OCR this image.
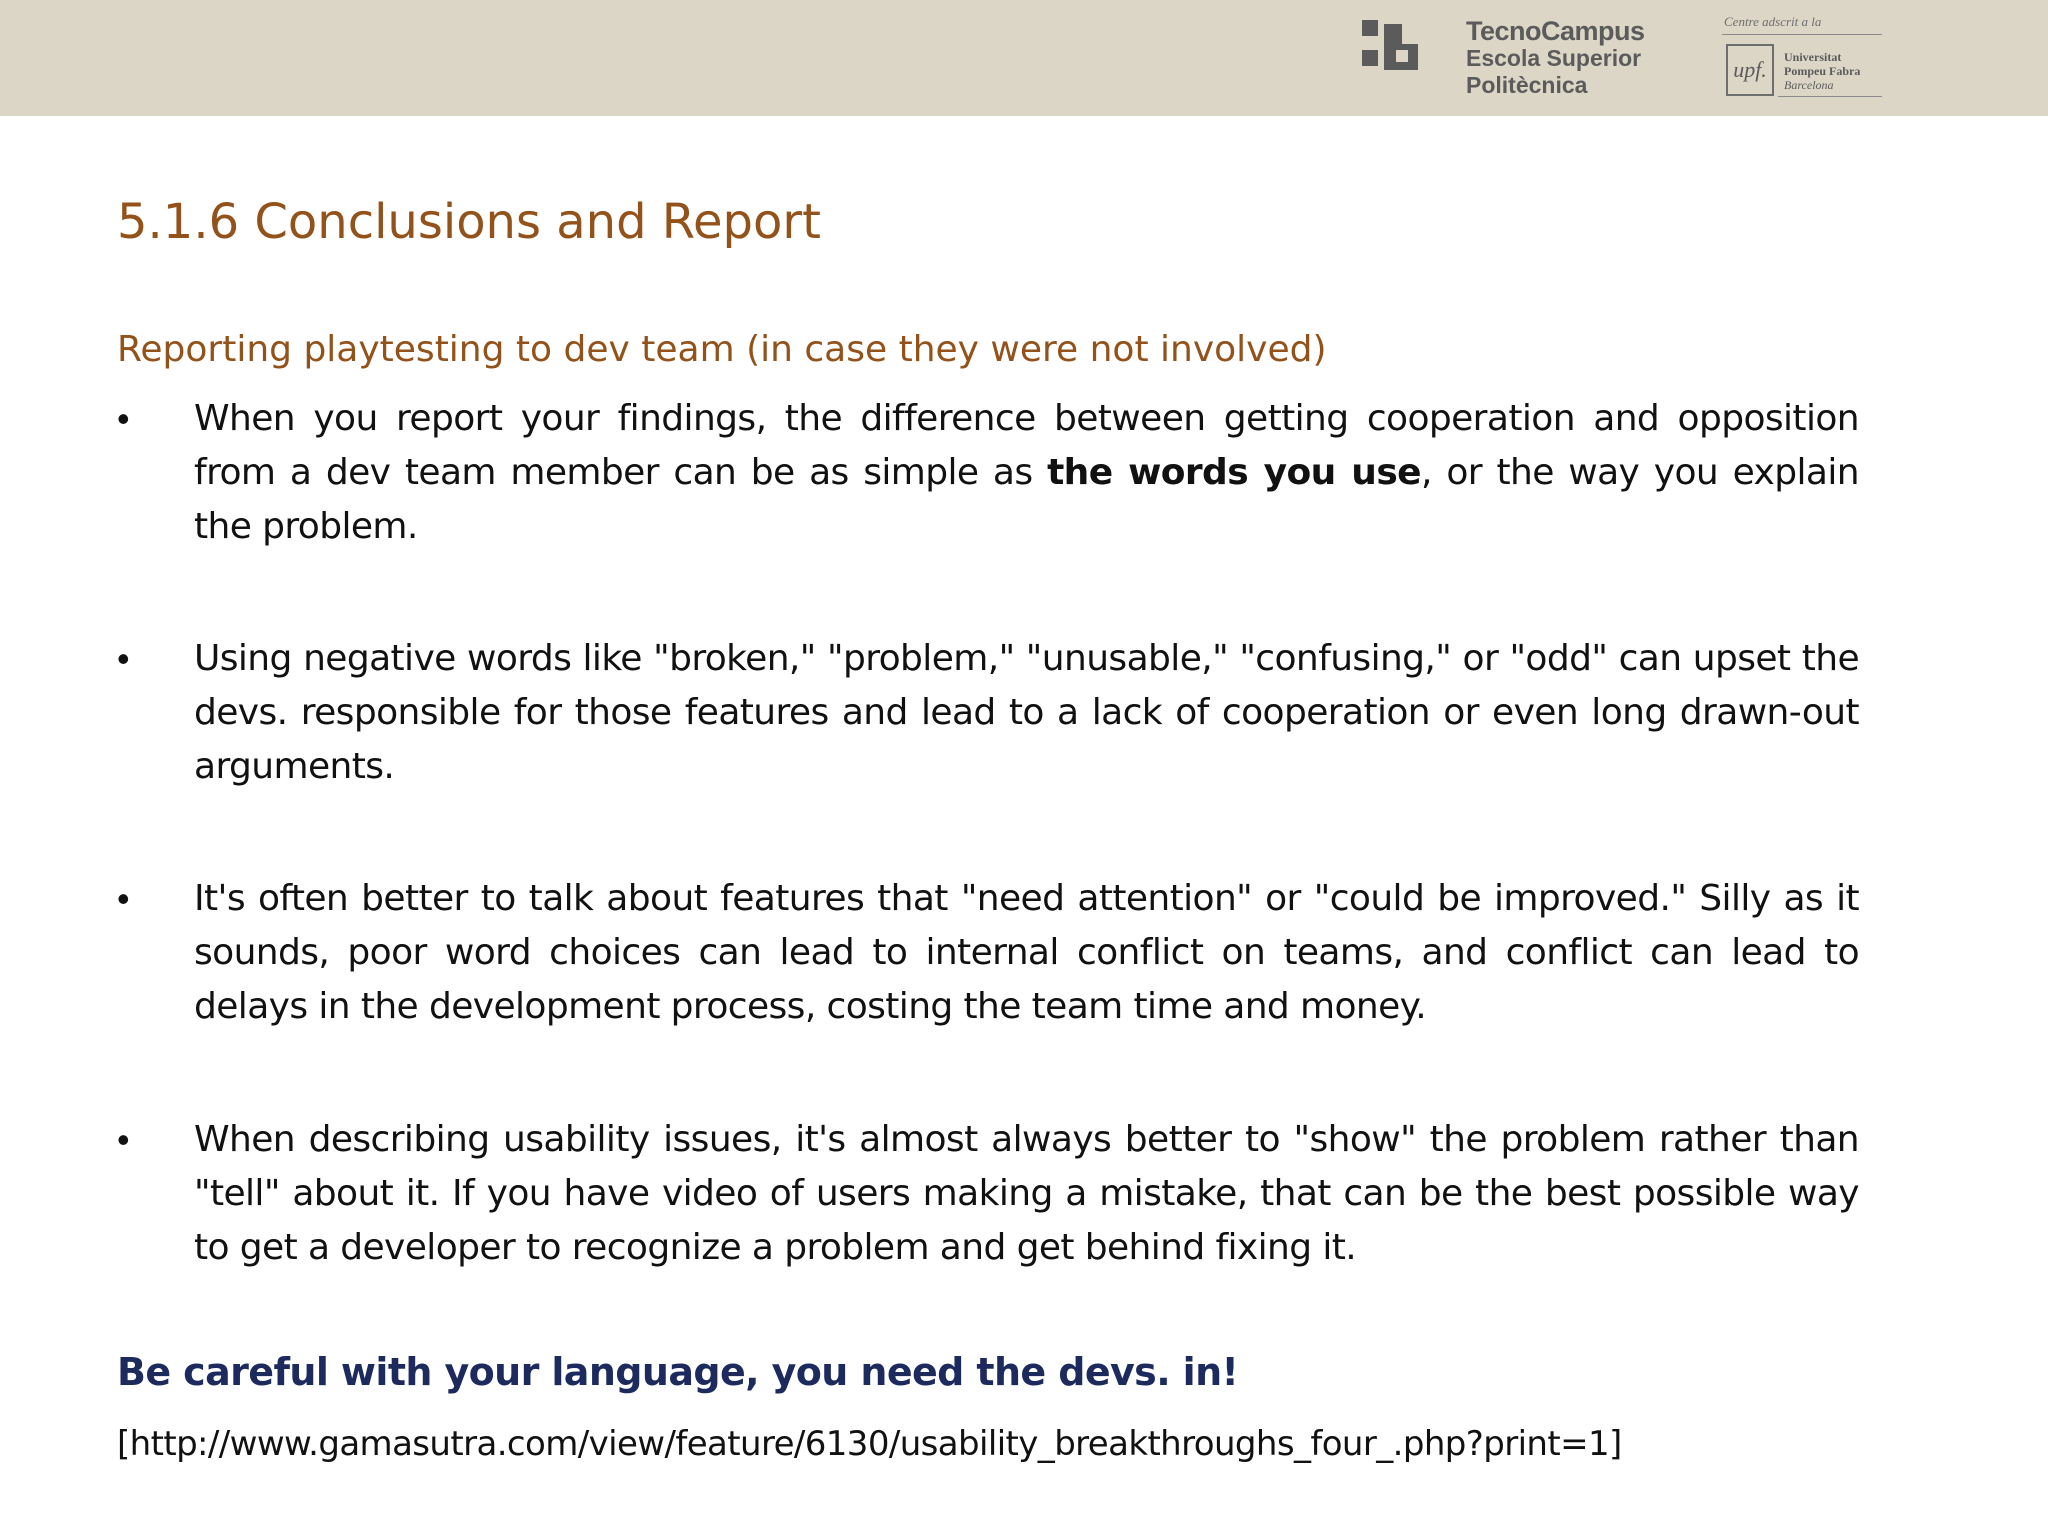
TecnoCampus
Escola Superior
Politècnica
Centre adscrit a la
upf. Universitat
Pompeu Fabra
Barcelona
5.1.6 Conclusions and Report
Reporting playtesting to dev team (in case they were not involved)
• When you report your findings, the difference between getting cooperation and opposition from a dev team member can be as simple as the words you use, or the way you explain the problem.

• Using negative words like "broken," "problem," "unusable," "confusing," or "odd" can upset the devs. responsible for those features and lead to a lack of cooperation or even long drawn-out arguments.

• It's often better to talk about features that "need attention" or "could be improved." Silly as it sounds, poor word choices can lead to internal conflict on teams, and conflict can lead to delays in the development process, costing the team time and money.

• When describing usability issues, it's almost always better to "show" the problem rather than "tell" about it. If you have video of users making a mistake, that can be the best possible way to get a developer to recognize a problem and get behind fixing it.

Be careful with your language, you need the devs. in!

[http://www.gamasutra.com/view/feature/6130/usability_breakthroughs_four_.php?print=1]
